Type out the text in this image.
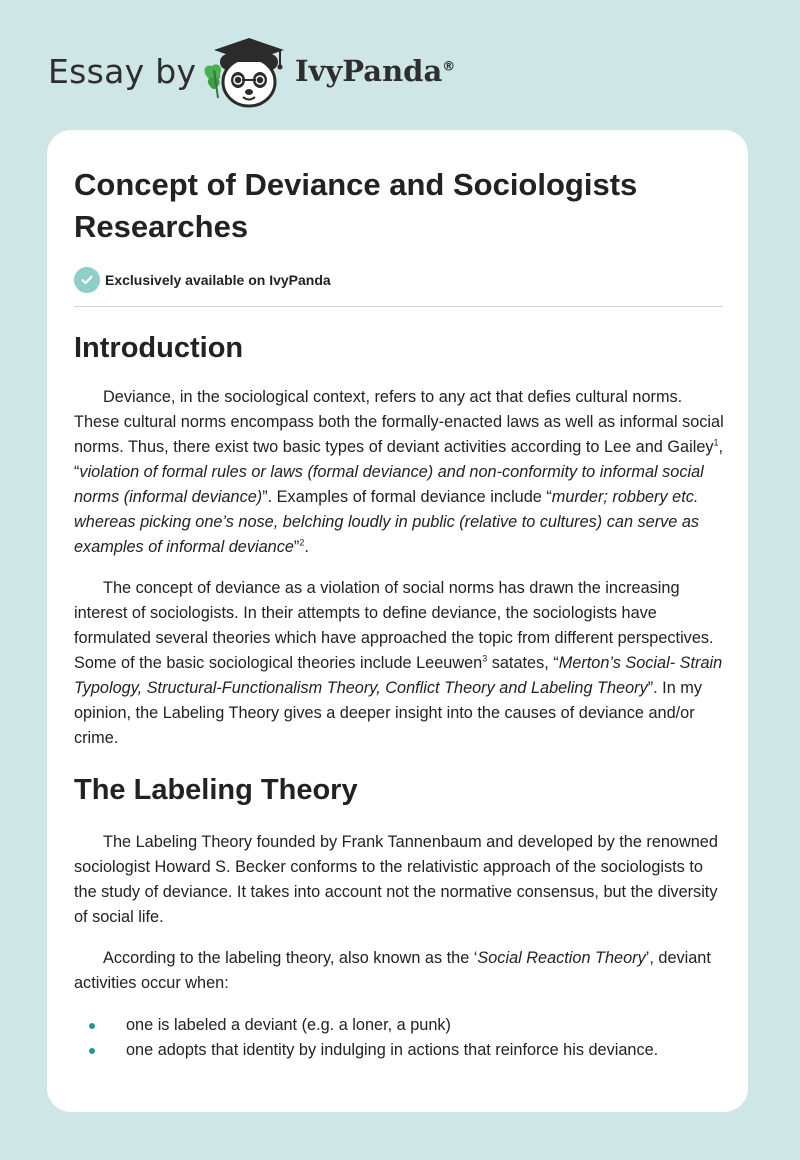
Essay by	IvyPanda®
Concept of Deviance and Sociologists Researches
Exclusively available on IvyPanda
Introduction

Deviance, in the sociological context, refers to any act that defies cultural norms. These cultural norms encompass both the formally-enacted laws as well as informal social norms. Thus, there exist two basic types of deviant activities according to Lee and Gailey$^1$, “violation of formal rules or laws (formal deviance) and non-conformity to informal social norms (informal deviance)”. Examples of formal deviance include “murder; robbery etc. whereas picking one’s nose, belching loudly in public (relative to cultures) can serve as examples of informal deviance”$^2$.

The concept of deviance as a violation of social norms has drawn the increasing interest of sociologists. In their attempts to define deviance, the sociologists have formulated several theories which have approached the topic from different perspectives. Some of the basic sociological theories include Leeuwen$^3$ satates, “Merton’s Social- Strain Typology, Structural-Functionalism Theory, Conflict Theory and Labeling Theory”. In my opinion, the Labeling Theory gives a deeper insight into the causes of deviance and/or crime.

The Labeling Theory

The Labeling Theory founded by Frank Tannenbaum and developed by the renowned sociologist Howard S. Becker conforms to the relativistic approach of the sociologists to the study of deviance. It takes into account not the normative consensus, but the diversity of social life.

According to the labeling theory, also known as the ‘Social Reaction Theory’, deviant activities occur when:

one is labeled a deviant (e.g. a loner, a punk)
one adopts that identity by indulging in actions that reinforce his deviance.
